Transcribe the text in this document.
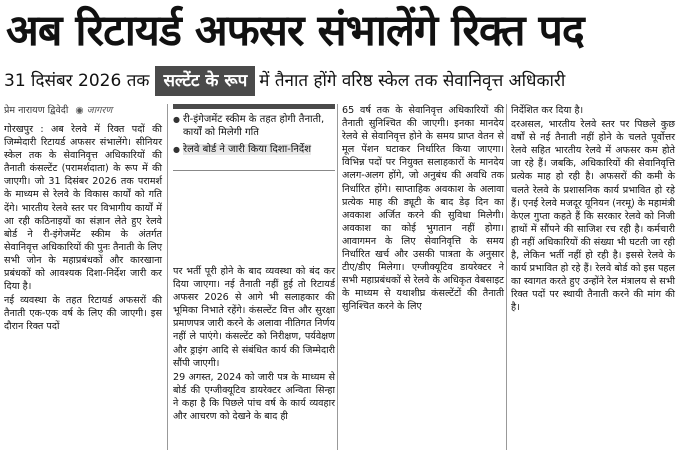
अब रिटायर्ड अफसर संभालेंगे रिक्त पद
31 दिसंबर 2026 तक सल्टेंट के रूप में तैनात होंगे वरिष्ठ स्केल तक सेवानिवृत्त अधिकारी
प्रेम नारायण द्विवेदी ◉ जागरण

गोरखपुर : अब रेलवे में रिक्त पदों की जिम्मेदारी रिटायर्ड अफसर संभालेंगे। सीनियर स्केल तक के सेवानिवृत्त अधिकारियों की तैनाती कंसल्टेंट (परामर्शदाता) के रूप में की जाएगी। जो 31 दिसंबर 2026 तक परामर्श के माध्यम से रेलवे के विकास कार्यों को गति देंगे। भारतीय रेलवे स्तर पर विभागीय कार्यों में आ रही कठिनाइयों का संज्ञान लेते हुए रेलवे बोर्ड ने री-इंगेजमेंट स्कीम के अंतर्गत सेवानिवृत्त अधिकारियों की पुनः तैनाती के लिए सभी जोन के महाप्रबंधकों और कारखाना प्रबंधकों को आवश्यक दिशा-निर्देश जारी कर दिया है।

नई व्यवस्था के तहत रिटायर्ड अफसरों की तैनाती एक-एक वर्ष के लिए की जाएगी। इस दौरान रिक्त पदों

● री-इंगेजमेंट स्कीम के तहत होगी तैनाती, कार्यों को मिलेगी गति
● रेलवे बोर्ड ने जारी किया दिशा-निर्देश

पर भर्ती पूरी होने के बाद व्यवस्था को बंद कर दिया जाएगा। नई तैनाती नहीं हुई तो रिटायर्ड अफसर 2026 से आगे भी सलाहकार की भूमिका निभाते रहेंगे। कंसल्टेंट वित्त और सुरक्षा प्रमाणपत्र जारी करने के अलावा नीतिगत निर्णय नहीं ले पाएंगे। कंसल्टेंट को निरीक्षण, पर्यवेक्षण और ड्राइंग आदि से संबंधित कार्य की जिम्मेदारी सौंपी जाएगी।

29 अगस्त, 2024 को जारी पत्र के माध्यम से बोर्ड की एग्जीक्यूटिव डायरेक्टर अन्विता सिन्हा ने कहा है कि पिछले पांच वर्ष के कार्य व्यवहार और आचरण को देखने के बाद ही

65 वर्ष तक के सेवानिवृत्त अधिकारियों की तैनाती सुनिश्चित की जाएगी। इनका मानदेय रेलवे से सेवानिवृत्त होने के समय प्राप्त वेतन से मूल पेंशन घटाकर निर्धारित किया जाएगा। विभिन्न पदों पर नियुक्त सलाहकारों के मानदेय अलग-अलग होंगे, जो अनुबंध की अवधि तक निर्धारित होंगे। साप्ताहिक अवकाश के अलावा प्रत्येक माह की ड्यूटी के बाद डेढ़ दिन का अवकाश अर्जित करने की सुविधा मिलेगी। अवकाश का कोई भुगतान नहीं होगा। आवागमन के लिए सेवानिवृत्ति के समय निर्धारित खर्च और उसकी पात्रता के अनुसार टीए/डीए मिलेगा। एग्जीक्यूटिव डायरेक्टर ने सभी महाप्रबंधकों से रेलवे के अधिकृत वेबसाइट के माध्यम से यथाशीघ्र कंसल्टेंटों की तैनाती सुनिश्चित करने के लिए

निर्देशित कर दिया है।

दरअसल, भारतीय रेलवे स्तर पर पिछले कुछ वर्षों से नई तैनाती नहीं होने के चलते पूर्वोत्तर रेलवे सहित भारतीय रेलवे में अफसर कम होते जा रहे हैं। जबकि, अधिकारियों की सेवानिवृत्ति प्रत्येक माह हो रही है। अफसरों की कमी के चलते रेलवे के प्रशासनिक कार्य प्रभावित हो रहे हैं। एनई रेलवे मजदूर यूनियन (नरमू) के महामंत्री केएल गुप्ता कहते हैं कि सरकार रेलवे को निजी हाथों में सौंपने की साजिश रच रही है। कर्मचारी ही नहीं अधिकारियों की संख्या भी घटती जा रही है, लेकिन भर्ती नहीं हो रही है। इससे रेलवे के कार्य प्रभावित हो रहे हैं। रेलवे बोर्ड को इस पहल का स्वागत करते हुए उन्होंने रेल मंत्रालय से सभी रिक्त पदों पर स्थायी तैनाती करने की मांग की है।
